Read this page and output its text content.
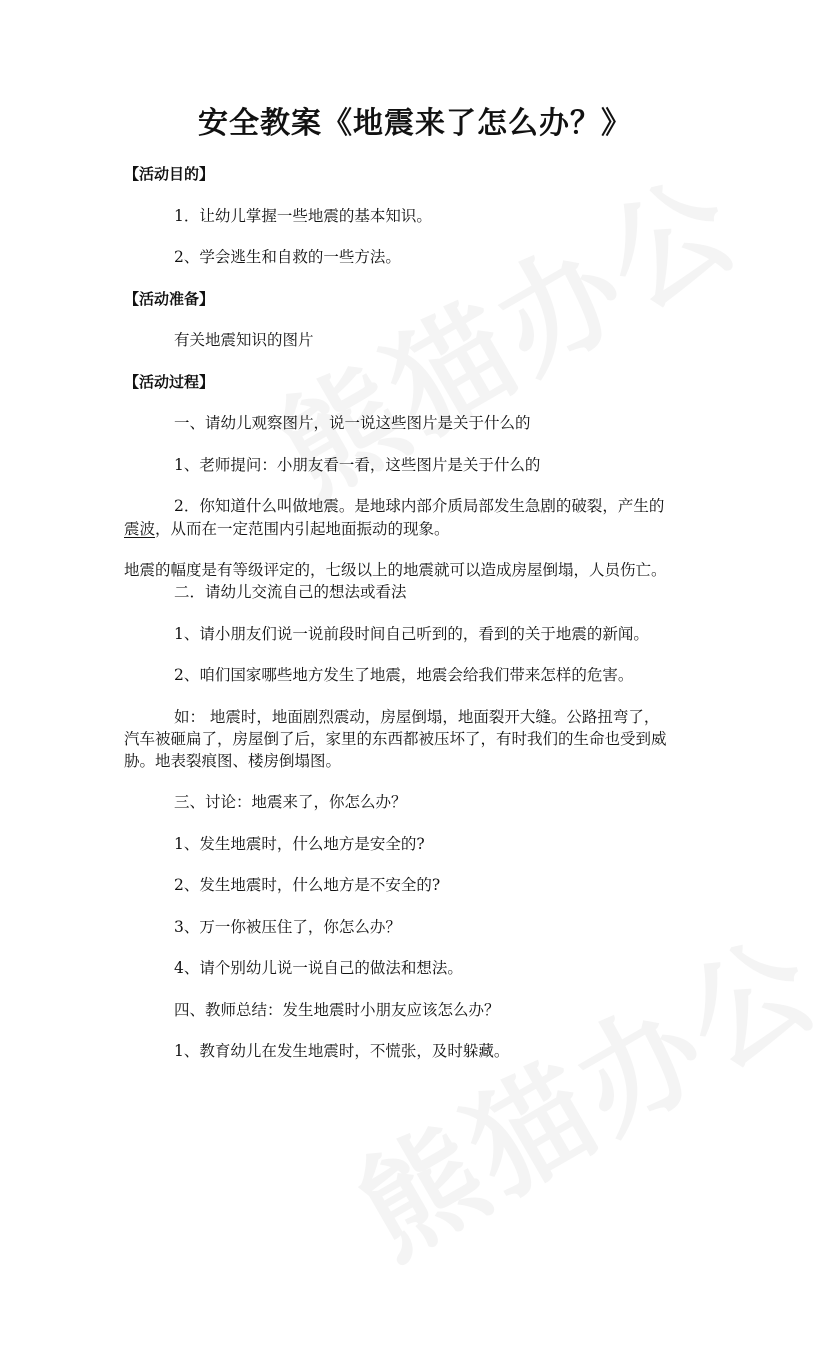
安全教案《地震来了怎么办？》
【活动目的】
1．让幼儿掌握一些地震的基本知识。
2、学会逃生和自救的一些方法。
【活动准备】
有关地震知识的图片
【活动过程】
一、请幼儿观察图片，说一说这些图片是关于什么的
1、老师提问：小朋友看一看，这些图片是关于什么的
2．你知道什么叫做地震。是地球内部介质局部发生急剧的破裂，产生的
震波，从而在一定范围内引起地面振动的现象。
地震的幅度是有等级评定的，七级以上的地震就可以造成房屋倒塌，人员伤亡。
二．请幼儿交流自己的想法或看法
1、请小朋友们说一说前段时间自己听到的，看到的关于地震的新闻。
2、咱们国家哪些地方发生了地震，地震会给我们带来怎样的危害。
如： 地震时，地面剧烈震动，房屋倒塌，地面裂开大缝。公路扭弯了，
汽车被砸扁了，房屋倒了后，家里的东西都被压坏了，有时我们的生命也受到威
胁。地表裂痕图、楼房倒塌图。
三、讨论：地震来了，你怎么办？
1、发生地震时，什么地方是安全的?
2、发生地震时，什么地方是不安全的?
3、万一你被压住了，你怎么办？
4、请个别幼儿说一说自己的做法和想法。
四、教师总结：发生地震时小朋友应该怎么办？
1、教育幼儿在发生地震时，不慌张，及时躲藏。
